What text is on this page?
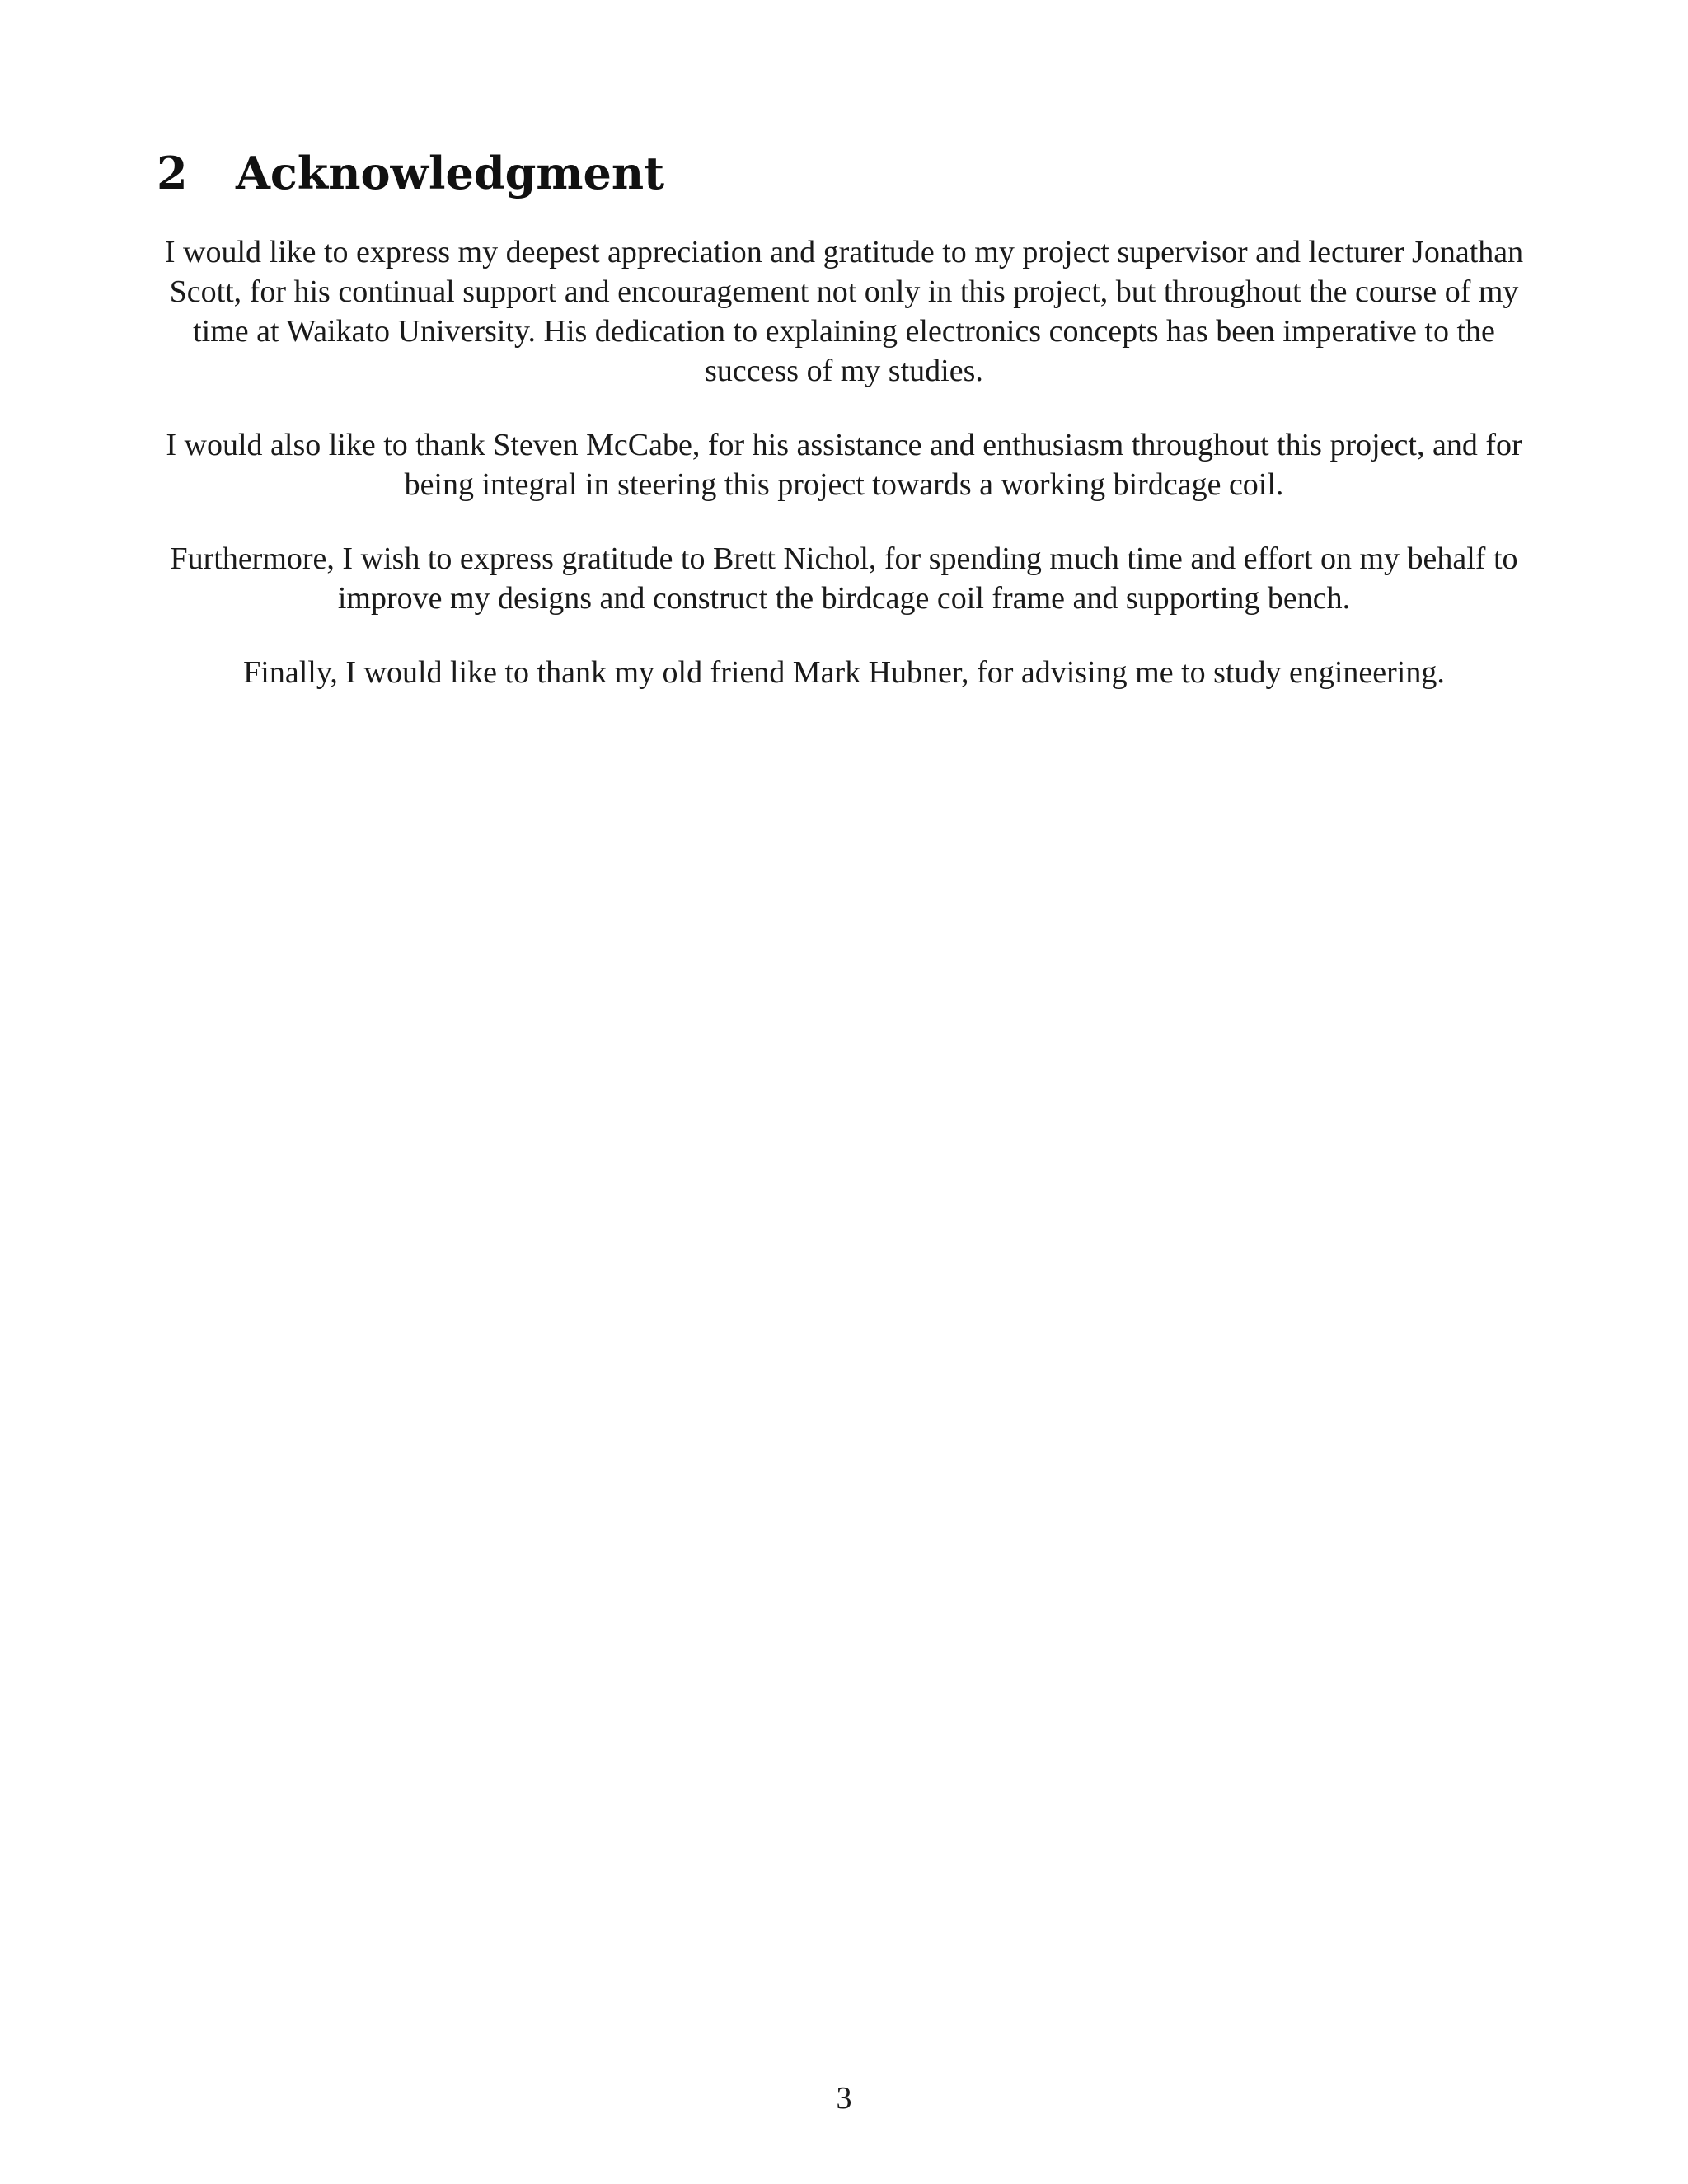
2 Acknowledgment

I would like to express my deepest appreciation and gratitude to my project supervisor and lecturer Jonathan Scott, for his continual support and encouragement not only in this project, but throughout the course of my time at Waikato University. His dedication to explaining electronics concepts has been imperative to the success of my studies.

I would also like to thank Steven McCabe, for his assistance and enthusiasm throughout this project, and for being integral in steering this project towards a working birdcage coil.

Furthermore, I wish to express gratitude to Brett Nichol, for spending much time and effort on my behalf to improve my designs and construct the birdcage coil frame and supporting bench.

Finally, I would like to thank my old friend Mark Hubner, for advising me to study engineering.

3
